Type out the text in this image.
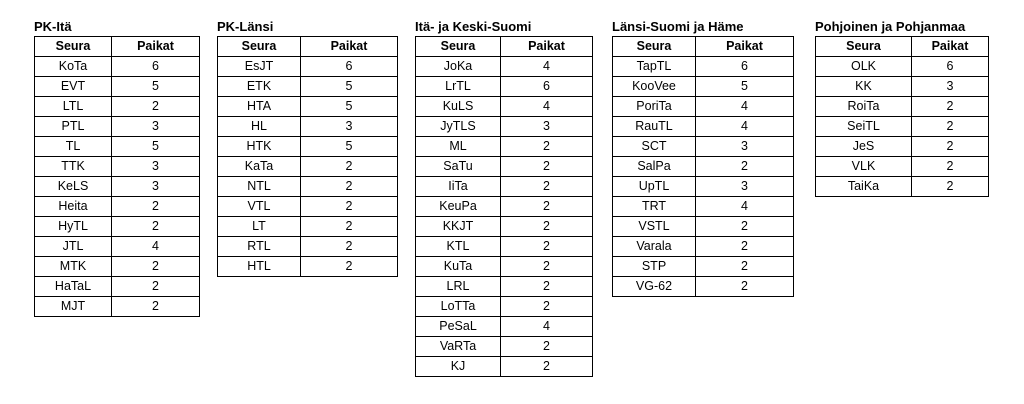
PK-Itä
Seura	Paikat
KoTa	6
EVT	5
LTL	2
PTL	3
TL	5
TTK	3
KeLS	3
Heita	2
HyTL	2
JTL	4
MTK	2
HaTaL	2
MJT	2
PK-Länsi
Seura	Paikat
EsJT	6
ETK	5
HTA	5
HL	3
HTK	5
KaTa	2
NTL	2
VTL	2
LT	2
RTL	2
HTL	2
Itä- ja Keski-Suomi
Seura	Paikat
JoKa	4
LrTL	6
KuLS	4
JyTLS	3
ML	2
SaTu	2
IiTa	2
KeuPa	2
KKJT	2
KTL	2
KuTa	2
LRL	2
LoTTa	2
PeSaL	4
VaRTa	2
KJ	2
Länsi-Suomi ja Häme
Seura	Paikat
TapTL	6
KooVee	5
PoriTa	4
RauTL	4
SCT	3
SalPa	2
UpTL	3
TRT	4
VSTL	2
Varala	2
STP	2
VG-62	2
Pohjoinen ja Pohjanmaa
Seura	Paikat
OLK	6
KK	3
RoiTa	2
SeiTL	2
JeS	2
VLK	2
TaiKa	2
